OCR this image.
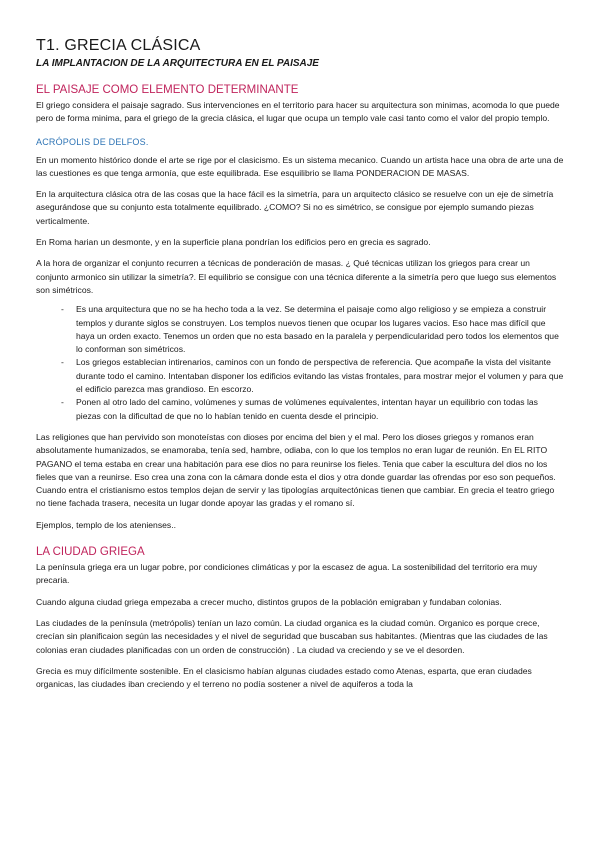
T1. GRECIA CLÁSICA
LA IMPLANTACION DE LA ARQUITECTURA EN EL PAISAJE
EL PAISAJE COMO ELEMENTO DETERMINANTE

El griego considera el paisaje sagrado. Sus intervenciones en el territorio para hacer su arquitectura son minimas, acomoda lo que puede pero de forma minima, para el griego de la grecia clásica, el lugar que ocupa un templo vale casi tanto como el valor del propio templo.

ACRÓPOLIS DE DELFOS.

En un momento histórico donde el arte se rige por el clasicismo. Es un sistema mecanico. Cuando un artista hace una obra de arte una de las cuestiones es que tenga armonía, que este equilibrada. Ese esquilibrio se llama PONDERACION DE MASAS.

En la arquitectura clásica otra de las cosas que la hace fácil es la simetría, para un arquitecto clásico se resuelve con un eje de simetría asegurándose que su conjunto esta totalmente equilibrado. ¿COMO? Si no es simétrico, se consigue por ejemplo sumando piezas verticalmente.

En Roma harian un desmonte, y en la superficie plana pondrían los edificios pero en grecia es sagrado.

A la hora de organizar el conjunto recurren a técnicas de ponderación de masas. ¿ Qué técnicas utilizan los griegos para crear un conjunto armonico sin utilizar la simetría?. El equilibrio se consigue con una técnica diferente a la simetría pero que luego sus elementos son simétricos.

- Es una arquitectura que no se ha hecho toda a la vez. Se determina el paisaje como algo religioso y se empieza a construir templos y durante siglos se construyen. Los templos nuevos tienen que ocupar los lugares vacios. Eso hace mas difícil que haya un orden exacto. Tenemos un orden que no esta basado en la paralela y perpendicularidad pero todos los elementos que lo conforman son simétricos.
- Los griegos establecian intirenarios, caminos con un fondo de perspectiva de referencia. Que acompañe la vista del visitante durante todo el camino. Intentaban disponer los edificios evitando las vistas frontales, para mostrar mejor el volumen y para que el edificio parezca mas grandioso. En escorzo.
- Ponen al otro lado del camino, volúmenes y sumas de volúmenes equivalentes, intentan hayar un equilibrio con todas las piezas con la dificultad de que no lo habían tenido en cuenta desde el principio.

Las religiones que han pervivido son monoteístas con dioses por encima del bien y el mal. Pero los dioses griegos y romanos eran absolutamente humanizados, se enamoraba, tenía sed, hambre, odiaba, con lo que los templos no eran lugar de reunión. En EL RITO PAGANO el tema estaba en crear una habitación para ese dios no para reunirse los fieles. Tenia que caber la escultura del dios no los fieles que van a reunirse. Eso crea una zona con la cámara donde esta el dios y otra donde guardar las ofrendas por eso son pequeños. Cuando entra el cristianismo estos templos dejan de servir y las tipologías arquitectónicas tienen que cambiar. En grecia el teatro griego no tiene fachada trasera, necesita un lugar donde apoyar las gradas y el romano sí.

Ejemplos, templo de los atenienses..

LA CIUDAD GRIEGA

La península griega era un lugar pobre, por condiciones climáticas y por la escasez de agua. La sostenibilidad del territorio era muy precaria.

Cuando alguna ciudad griega empezaba a crecer mucho, distintos grupos de la población emigraban y fundaban colonias.

Las ciudades de la península (metrópolis) tenían un lazo común. La ciudad organica es la ciudad común. Organico es porque crece, crecían sin planificaion según las necesidades y el nivel de seguridad que buscaban sus habitantes. (Mientras que las ciudades de las colonias eran ciudades planificadas con un orden de construcción) . La ciudad va creciendo y se ve el desorden.

Grecia es muy difícilmente sostenible. En el clasicismo habían algunas ciudades estado como Atenas, esparta, que eran ciudades organicas, las ciudades iban creciendo y el terreno no podía sostener a nivel de aquiferos a toda la
